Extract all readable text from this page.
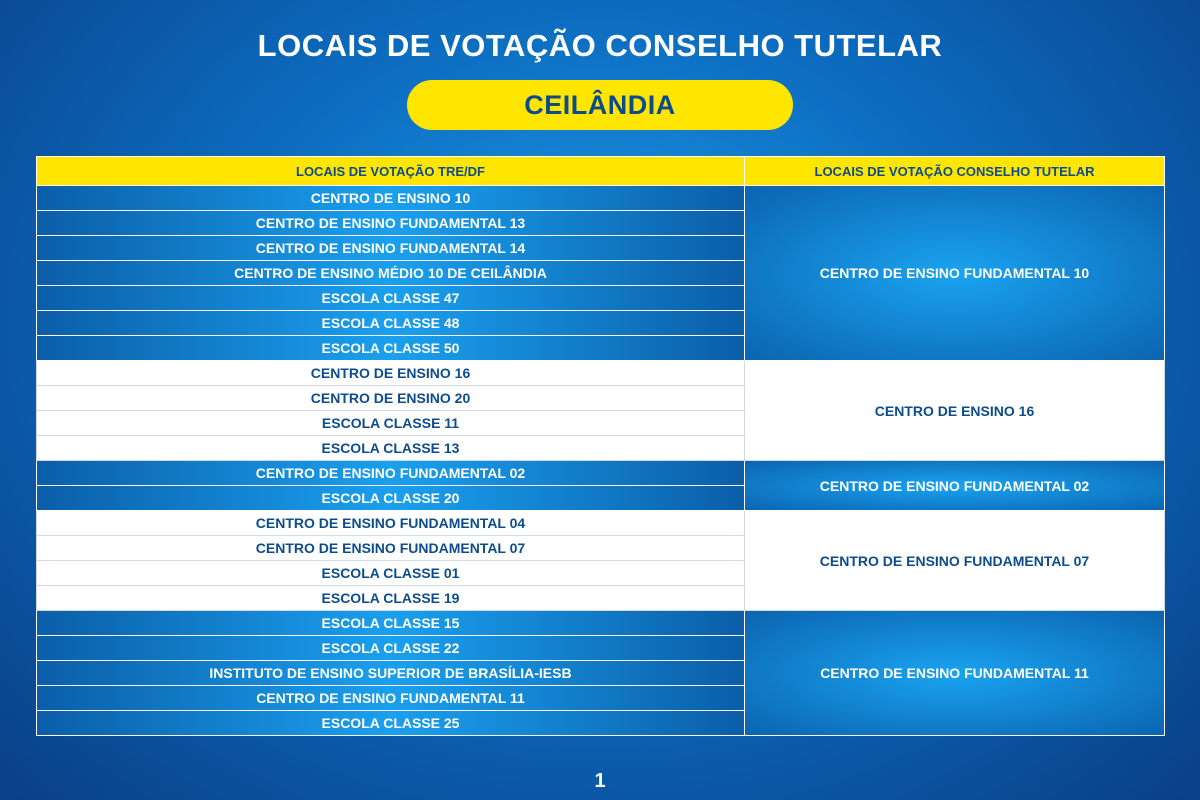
LOCAIS DE VOTAÇÃO CONSELHO TUTELAR
CEILÂNDIA
LOCAIS DE VOTAÇÃO TRE/DF	LOCAIS DE VOTAÇÃO CONSELHO TUTELAR
CENTRO DE ENSINO 10	CENTRO DE ENSINO FUNDAMENTAL 10
CENTRO DE ENSINO FUNDAMENTAL 13	
CENTRO DE ENSINO FUNDAMENTAL 14	
CENTRO DE ENSINO MÉDIO 10 DE CEILÂNDIA	
ESCOLA CLASSE 47	
ESCOLA CLASSE 48	
ESCOLA CLASSE 50	
CENTRO DE ENSINO 16	CENTRO DE ENSINO 16
CENTRO DE ENSINO 20	
ESCOLA CLASSE 11	
ESCOLA CLASSE 13	
CENTRO DE ENSINO FUNDAMENTAL 02	CENTRO DE ENSINO FUNDAMENTAL 02
ESCOLA CLASSE 20	
CENTRO DE ENSINO FUNDAMENTAL 04	CENTRO DE ENSINO FUNDAMENTAL 07
CENTRO DE ENSINO FUNDAMENTAL 07	
ESCOLA CLASSE 01	
ESCOLA CLASSE 19	
ESCOLA CLASSE 15	CENTRO DE ENSINO FUNDAMENTAL 11
ESCOLA CLASSE 22	
INSTITUTO DE ENSINO SUPERIOR DE BRASÍLIA-IESB	
CENTRO DE ENSINO FUNDAMENTAL 11	
ESCOLA CLASSE 25	
1
